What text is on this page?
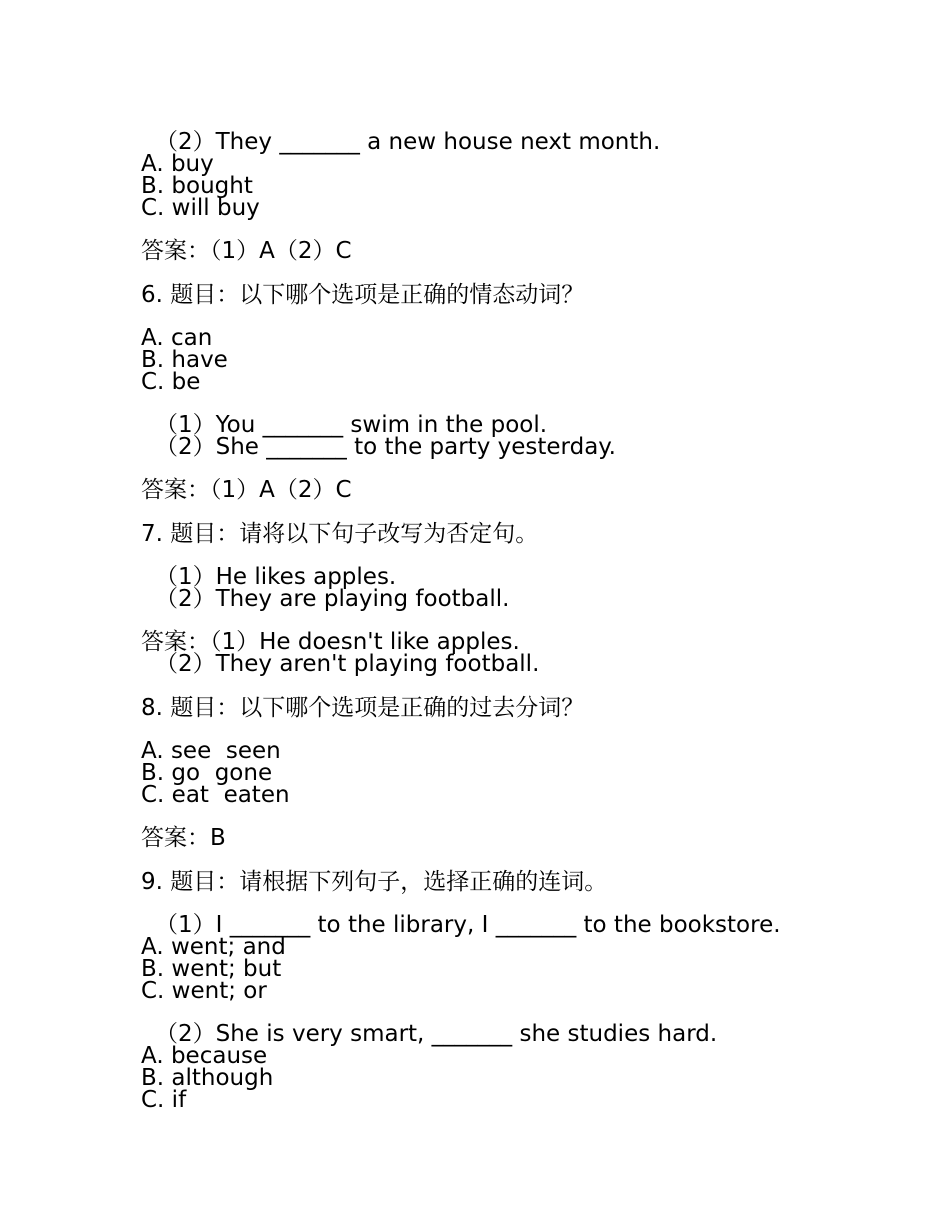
（2）They _______ a new house next month.
A. buy
B. bought
C. will buy
答案：（1）A（2）C
6. 题目：以下哪个选项是正确的情态动词？
A. can
B. have
C. be
（1）You _______ swim in the pool.
（2）She _______ to the party yesterday.
答案：（1）A（2）C
7. 题目：请将以下句子改写为否定句。
（1）He likes apples.
（2）They are playing football.
答案：（1）He doesn't like apples.
（2）They aren't playing football.
8. 题目：以下哪个选项是正确的过去分词？
A. see  seen
B. go  gone
C. eat  eaten
答案：B
9. 题目：请根据下列句子，选择正确的连词。
（1）I _______ to the library, I _______ to the bookstore.
A. went; and
B. went; but
C. went; or
（2）She is very smart, _______ she studies hard.
A. because
B. although
C. if
